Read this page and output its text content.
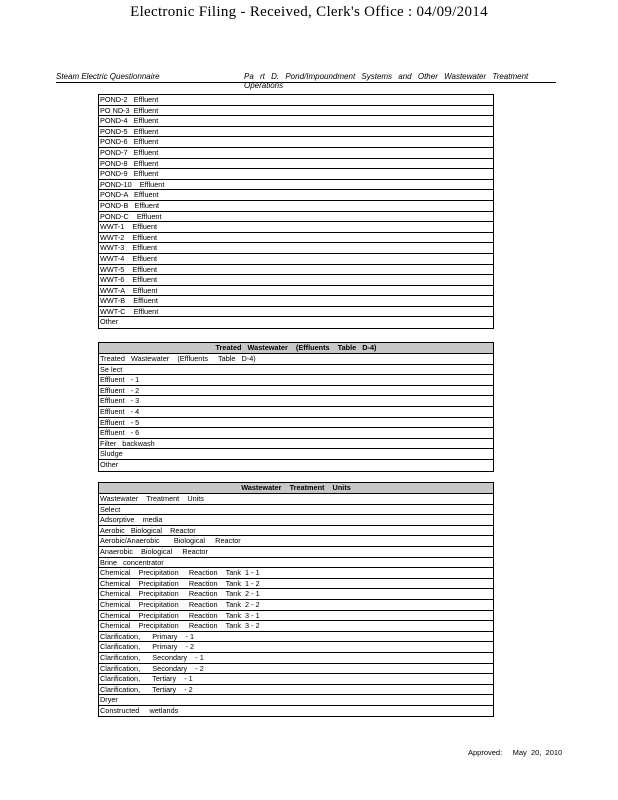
Electronic Filing - Received, Clerk's Office : 04/09/2014
Steam Electric Questionnaire	Pa rt D. Pond/Impoundment Systems and Other Wastewater Treatment Operations
POND-2   Effluent
PO ND-3  Effluent
POND-4   Effluent
POND-5   Effluent
POND-6   Effluent
POND-7   Effluent
POND-8   Effluent
POND-9   Effluent
POND-10    Effluent
POND-A   Effluent
POND-B   Effluent
POND-C    Effluent
WWT-1    Effluent
WWT-2    Effluent
WWT-3    Effluent
WWT-4    Effluent
WWT-5    Effluent
WWT-6    Effluent
WWT-A    Effluent
WWT-B    Effluent
WWT-C    Effluent
Other
Treated   Wastewater    (Effluents    Table   D-4)
Treated   Wastewater    (Effluents     Table   D-4)
Se lect
Effluent   - 1
Effluent   - 2
Effluent   - 3
Effluent   - 4
Effluent   - 5
Effluent   - 6
Filter   backwash
Sludge
Other
Wastewater    Treatment    Units
Wastewater    Treatment    Units
Select
Adsorptive    media
Aerobic   Biological    Reactor
Aerobic/Anaerobic       Biological     Reactor
Anaerobic    Biological     Reactor
Brine   concentrator
Chemical    Precipitation     Reaction    Tank  1 - 1
Chemical    Precipitation     Reaction    Tank  1 - 2
Chemical    Precipitation     Reaction    Tank  2 - 1
Chemical    Precipitation     Reaction    Tank  2 - 2
Chemical    Precipitation     Reaction    Tank  3 - 1
Chemical    Precipitation     Reaction    Tank  3 - 2
Clarification,      Primary    - 1
Clarification,      Primary    - 2
Clarification,      Secondary    - 1
Clarification,      Secondary    - 2
Clarification,      Tertiary    - 1
Clarification,      Tertiary    - 2
Dryer
Constructed     wetlands
Approved:     May  20,  2010
